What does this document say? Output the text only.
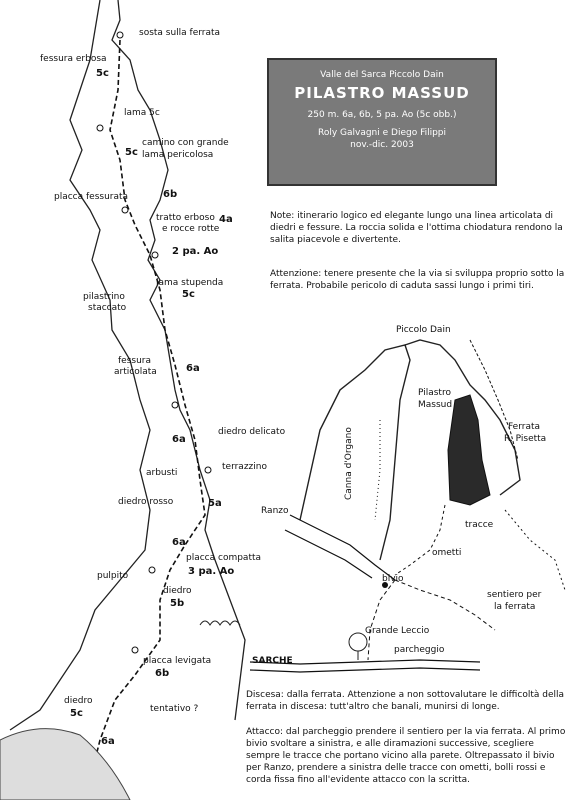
sosta sulla ferrata
fessura erbosa
5c
lama 5c
camino con grande
lama pericolosa
5c
placca fessurata	6b
tratto erboso
e rocce rotte
4a
2 pa. Ao
lama stupenda
pilastrino
staccato
5c
fessura
articolata	6a
diedro delicato
6a
arbusti
terrazzino
diedro rosso	5a
6a
placca compatta
3 pa. Ao
pulpito
diedro
5b
placca levigata
6b
diedro
5c	tentativo ?
6a
Valle del Sarca Piccolo Dain
PILASTRO MASSUD
250 m. 6a, 6b, 5 pa. Ao (5c obb.)
Roly Galvagni e Diego Filippi
nov.-dic. 2003
Note: itinerario logico ed elegante lungo una linea articolata di diedri e fessure. La roccia solida e l'ottima chiodatura rendono la salita piacevole e divertente.
Attenzione: tenere presente che la via si sviluppa proprio sotto la ferrata. Probabile pericolo di caduta sassi lungo i primi tiri.
Piccolo Dain
Pilastro
Massud
Ferrata
R. Pisetta
Canna d'Organo
Ranzo
tracce
ometti
bivio
sentiero per
la ferrata
Grande Leccio
parcheggio
SARCHE
Discesa: dalla ferrata. Attenzione a non sottovalutare le difficoltà della ferrata in discesa: tutt'altro che banali, munirsi di longe.
Attacco: dal parcheggio prendere il sentiero per la via ferrata. Al primo bivio svoltare a sinistra, e alle diramazioni successive, scegliere sempre le tracce che portano vicino alla parete. Oltrepassato il bivio per Ranzo, prendere a sinistra delle tracce con ometti, bolli rossi e corda fissa fino all'evidente attacco con la scritta.
